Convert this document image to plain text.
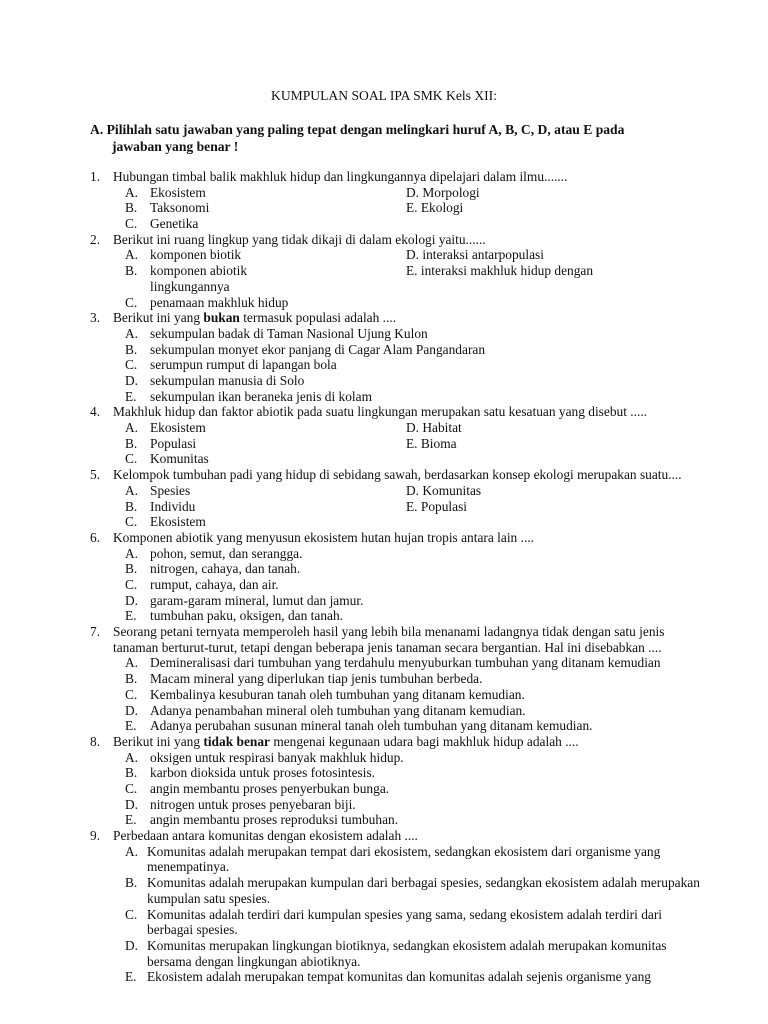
KUMPULAN SOAL IPA SMK Kels XII:
A. Pilihlah satu jawaban yang paling tepat dengan melingkari huruf A, B, C, D, atau E pada
jawaban yang benar !
1. Hubungan timbal balik makhluk hidup dan lingkungannya dipelajari dalam ilmu.......
A. Ekosistem	D. Morpologi
B. Taksonomi	E. Ekologi
C. Genetika
2. Berikut ini ruang lingkup yang tidak dikaji di dalam ekologi yaitu......
A. komponen biotik	D. interaksi antarpopulasi
B. komponen abiotik	E. interaksi makhluk hidup dengan
lingkungannya
C. penamaan makhluk hidup
3. Berikut ini yang bukan termasuk populasi adalah ....
A. sekumpulan badak di Taman Nasional Ujung Kulon
B. sekumpulan monyet ekor panjang di Cagar Alam Pangandaran
C. serumpun rumput di lapangan bola
D. sekumpulan manusia di Solo
E. sekumpulan ikan beraneka jenis di kolam
4. Makhluk hidup dan faktor abiotik pada suatu lingkungan merupakan satu kesatuan yang disebut .....
A. Ekosistem	D. Habitat
B. Populasi	E. Bioma
C. Komunitas
5. Kelompok tumbuhan padi yang hidup di sebidang sawah, berdasarkan konsep ekologi merupakan suatu....
A. Spesies	D. Komunitas
B. Individu	E. Populasi
C. Ekosistem
6. Komponen abiotik yang menyusun ekosistem hutan hujan tropis antara lain ....
A. pohon, semut, dan serangga.
B. nitrogen, cahaya, dan tanah.
C. rumput, cahaya, dan air.
D. garam-garam mineral, lumut dan jamur.
E. tumbuhan paku, oksigen, dan tanah.
7. Seorang petani ternyata memperoleh hasil yang lebih bila menanami ladangnya tidak dengan satu jenis tanaman berturut-turut, tetapi dengan beberapa jenis tanaman secara bergantian. Hal ini disebabkan ....
A. Demineralisasi dari tumbuhan yang terdahulu menyuburkan tumbuhan yang ditanam kemudian
B. Macam mineral yang diperlukan tiap jenis tumbuhan berbeda.
C. Kembalinya kesuburan tanah oleh tumbuhan yang ditanam kemudian.
D. Adanya penambahan mineral oleh tumbuhan yang ditanam kemudian.
E. Adanya perubahan susunan mineral tanah oleh tumbuhan yang ditanam kemudian.
8. Berikut ini yang tidak benar mengenai kegunaan udara bagi makhluk hidup adalah ....
A. oksigen untuk respirasi banyak makhluk hidup.
B. karbon dioksida untuk proses fotosintesis.
C. angin membantu proses penyerbukan bunga.
D. nitrogen untuk proses penyebaran biji.
E. angin membantu proses reproduksi tumbuhan.
9. Perbedaan antara komunitas dengan ekosistem adalah ....
A. Komunitas adalah merupakan tempat dari ekosistem, sedangkan ekosistem dari organisme yang menempatinya.
B. Komunitas adalah merupakan kumpulan dari berbagai spesies, sedangkan ekosistem adalah merupakan kumpulan satu spesies.
C. Komunitas adalah terdiri dari kumpulan spesies yang sama, sedang ekosistem adalah terdiri dari berbagai spesies.
D. Komunitas merupakan lingkungan biotiknya, sedangkan ekosistem adalah merupakan komunitas bersama dengan lingkungan abiotiknya.
E. Ekosistem adalah merupakan tempat komunitas dan komunitas adalah sejenis organisme yang
